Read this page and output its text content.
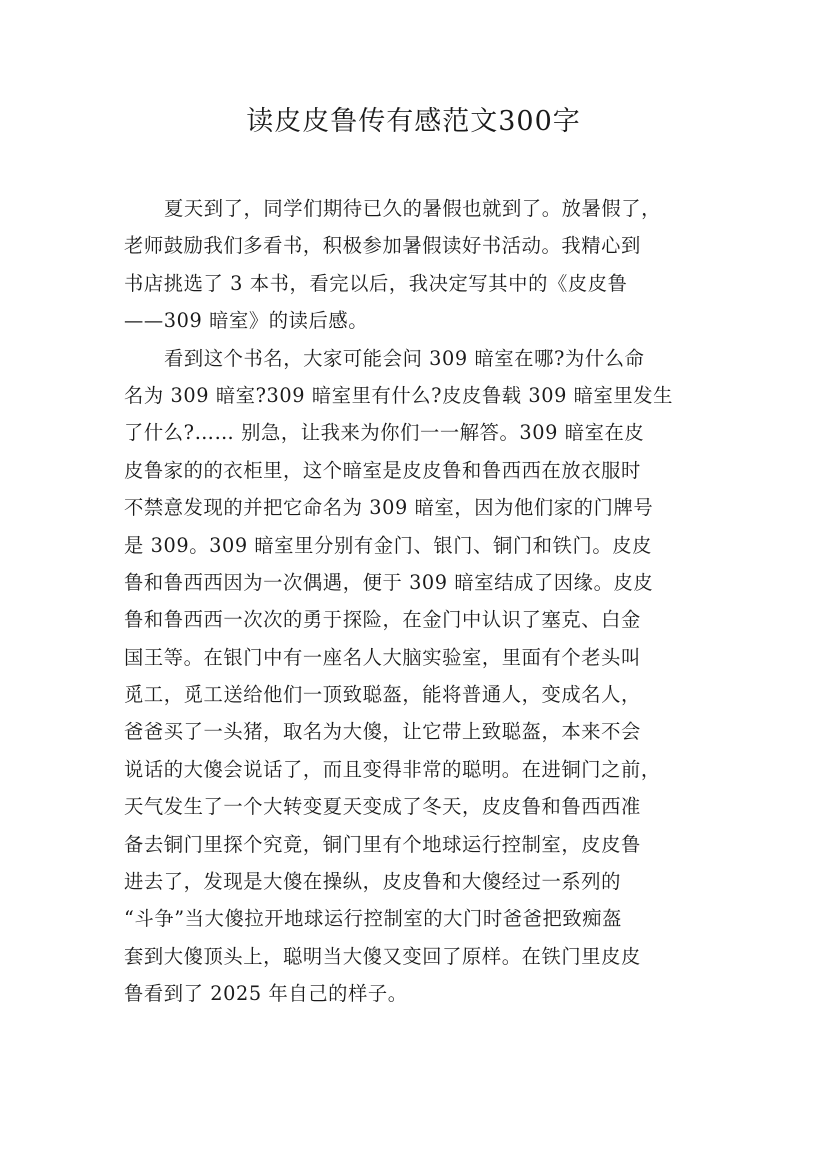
读皮皮鲁传有感范文300字
夏天到了，同学们期待已久的暑假也就到了。放暑假了，
老师鼓励我们多看书，积极参加暑假读好书活动。我精心到
书店挑选了 3 本书，看完以后，我决定写其中的《皮皮鲁
——309 暗室》的读后感。
看到这个书名，大家可能会问 309 暗室在哪?为什么命
名为 309 暗室?309 暗室里有什么?皮皮鲁载 309 暗室里发生
了什么?…… 别急，让我来为你们一一解答。309 暗室在皮
皮鲁家的的衣柜里，这个暗室是皮皮鲁和鲁西西在放衣服时
不禁意发现的并把它命名为 309 暗室，因为他们家的门牌号
是 309。309 暗室里分别有金门、银门、铜门和铁门。皮皮
鲁和鲁西西因为一次偶遇，便于 309 暗室结成了因缘。皮皮
鲁和鲁西西一次次的勇于探险，在金门中认识了塞克、白金
国王等。在银门中有一座名人大脑实验室，里面有个老头叫
觅工，觅工送给他们一顶致聪盔，能将普通人，变成名人，
爸爸买了一头猪，取名为大傻，让它带上致聪盔，本来不会
说话的大傻会说话了，而且变得非常的聪明。在进铜门之前，
天气发生了一个大转变夏天变成了冬天，皮皮鲁和鲁西西准
备去铜门里探个究竟，铜门里有个地球运行控制室，皮皮鲁
进去了，发现是大傻在操纵，皮皮鲁和大傻经过一系列的
“斗争”当大傻拉开地球运行控制室的大门时爸爸把致痴盔
套到大傻顶头上，聪明当大傻又变回了原样。在铁门里皮皮
鲁看到了 2025 年自己的样子。
